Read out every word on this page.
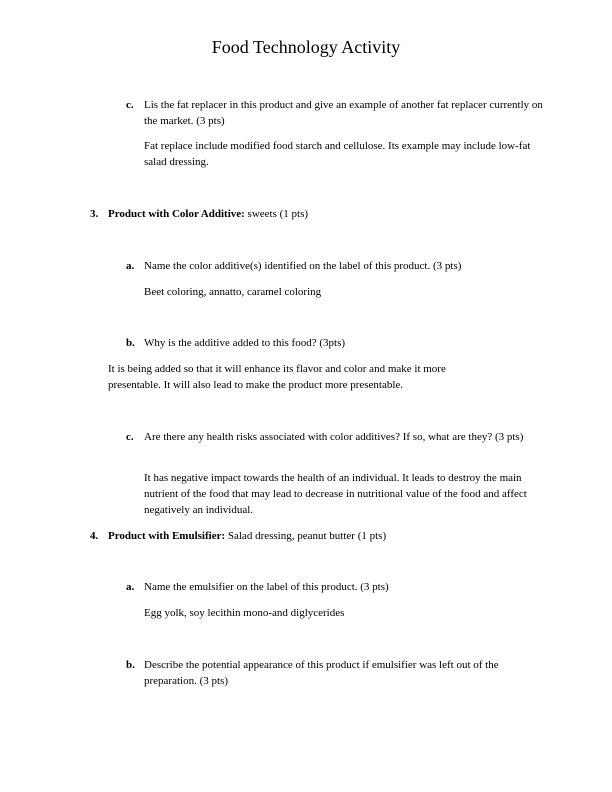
Food Technology Activity
c. Lis the fat replacer in this product and give an example of another fat replacer currently on the market. (3 pts)

Fat replace include modified food starch and cellulose. Its example may include low-fat salad dressing.

3. Product with Color Additive: sweets (1 pts)

a. Name the color additive(s) identified on the label of this product. (3 pts)

Beet coloring, annatto, caramel coloring

b. Why is the additive added to this food? (3pts)

It is being added so that it will enhance its flavor and color and make it more presentable. It will also lead to make the product more presentable.

c. Are there any health risks associated with color additives? If so, what are they? (3 pts)

It has negative impact towards the health of an individual. It leads to destroy the main nutrient of the food that may lead to decrease in nutritional value of the food and affect negatively an individual.

4. Product with Emulsifier: Salad dressing, peanut butter (1 pts)

a. Name the emulsifier on the label of this product. (3 pts)

Egg yolk, soy lecithin mono-and diglycerides

b. Describe the potential appearance of this product if emulsifier was left out of the preparation. (3 pts)
